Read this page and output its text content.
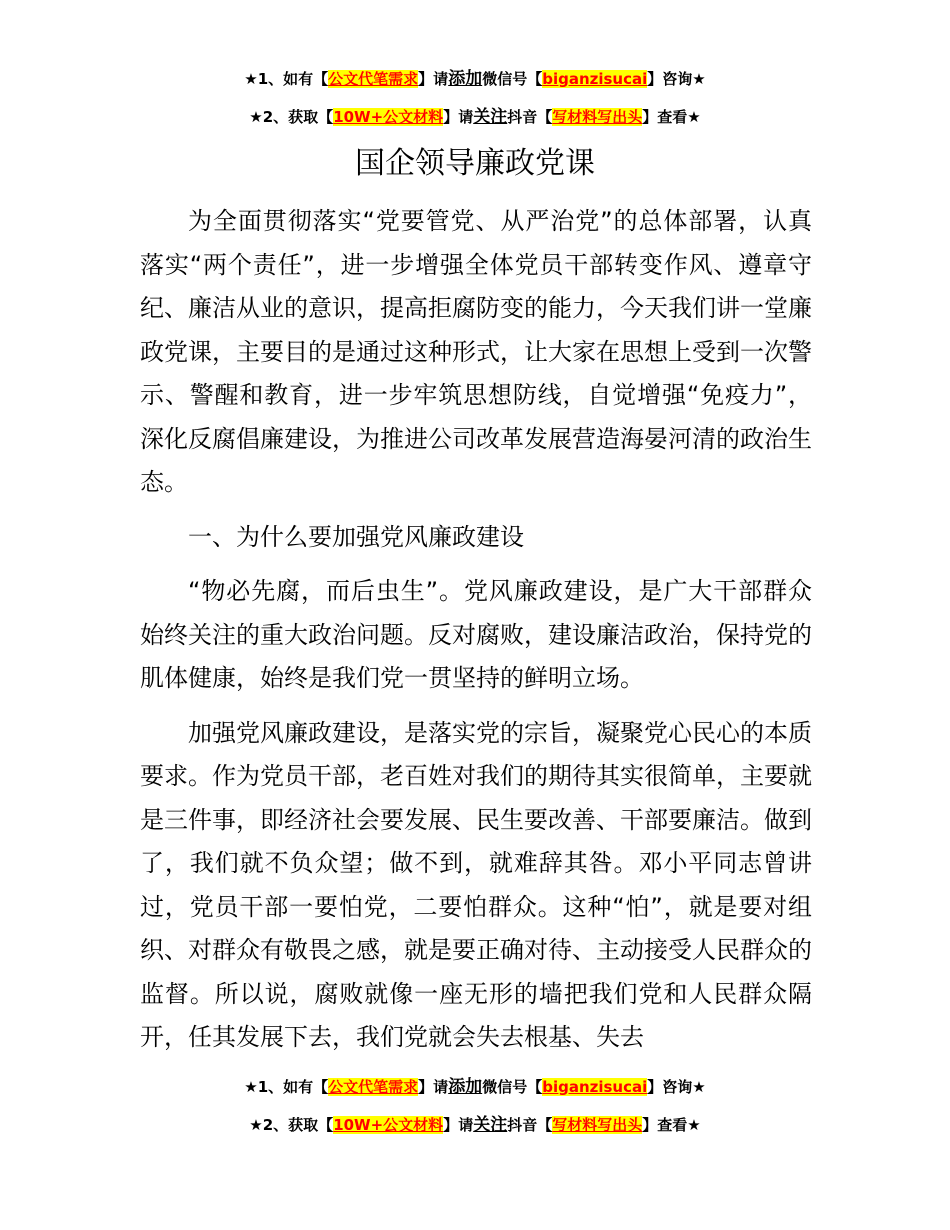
★1、如有【公文代笔需求】请添加微信号【biganzisucai】咨询★
★2、获取【10W+公文材料】请关注抖音【写材料写出头】查看★
国企领导廉政党课

为全面贯彻落实“党要管党、从严治党”的总体部署，认真落实“两个责任”，进一步增强全体党员干部转变作风、遵章守纪、廉洁从业的意识，提高拒腐防变的能力，今天我们讲一堂廉政党课，主要目的是通过这种形式，让大家在思想上受到一次警示、警醒和教育，进一步牢筑思想防线，自觉增强“免疫力”，深化反腐倡廉建设，为推进公司改革发展营造海晏河清的政治生态。

一、为什么要加强党风廉政建设

“物必先腐，而后虫生”。党风廉政建设，是广大干部群众始终关注的重大政治问题。反对腐败，建设廉洁政治，保持党的肌体健康，始终是我们党一贯坚持的鲜明立场。

加强党风廉政建设，是落实党的宗旨，凝聚党心民心的本质要求。作为党员干部，老百姓对我们的期待其实很简单，主要就是三件事，即经济社会要发展、民生要改善、干部要廉洁。做到了，我们就不负众望；做不到，就难辞其咎。邓小平同志曾讲过，党员干部一要怕党，二要怕群众。这种“怕”，就是要对组织、对群众有敬畏之感，就是要正确对待、主动接受人民群众的监督。所以说，腐败就像一座无形的墙把我们党和人民群众隔开，任其发展下去，我们党就会失去根基、失去

★1、如有【公文代笔需求】请添加微信号【biganzisucai】咨询★
★2、获取【10W+公文材料】请关注抖音【写材料写出头】查看★
